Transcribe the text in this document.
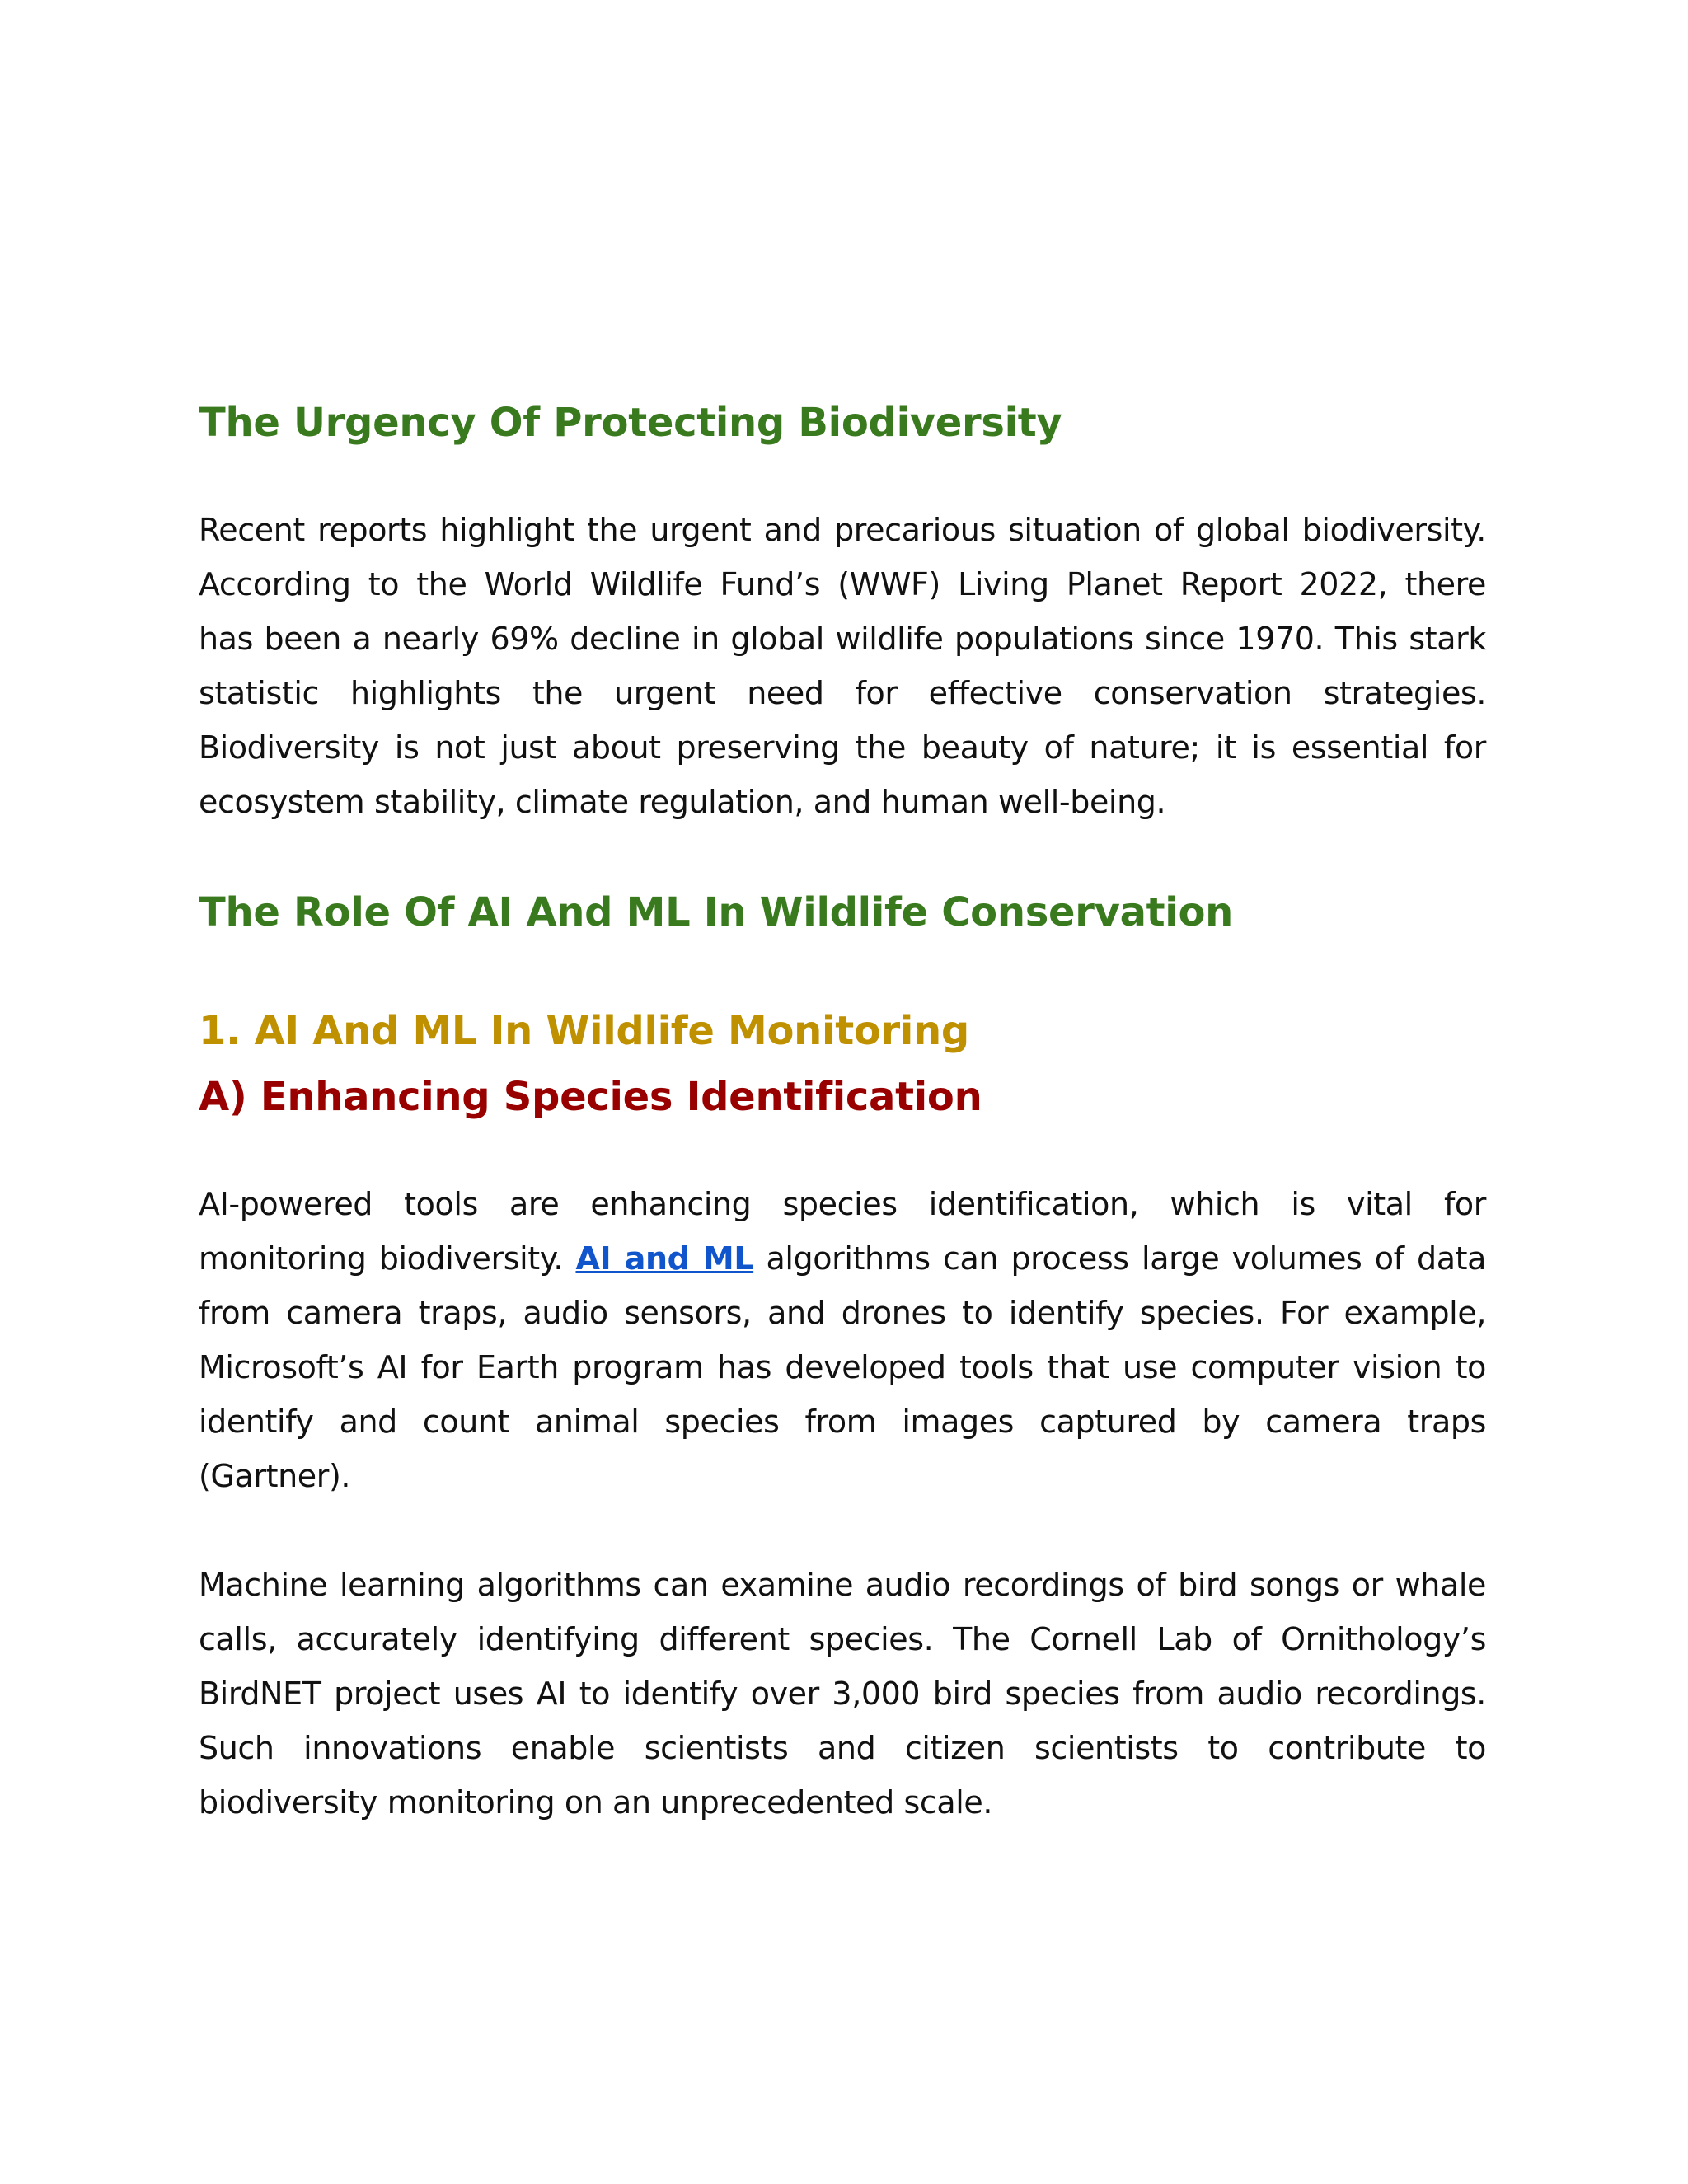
The Urgency Of Protecting Biodiversity

Recent reports highlight the urgent and precarious situation of global biodiversity.
According to the World Wildlife Fund’s (WWF) Living Planet Report 2022, there
has been a nearly 69% decline in global wildlife populations since 1970. This stark
statistic highlights the urgent need for effective conservation strategies.
Biodiversity is not just about preserving the beauty of nature; it is essential for
ecosystem stability, climate regulation, and human well-being.

The Role Of AI And ML In Wildlife Conservation
1. AI And ML In Wildlife Monitoring
A) Enhancing Species Identification

AI-powered tools are enhancing species identification, which is vital for
monitoring biodiversity. AI and ML algorithms can process large volumes of data
from camera traps, audio sensors, and drones to identify species. For example,
Microsoft’s AI for Earth program has developed tools that use computer vision to
identify and count animal species from images captured by camera traps
(Gartner).

Machine learning algorithms can examine audio recordings of bird songs or whale
calls, accurately identifying different species. The Cornell Lab of Ornithology’s
BirdNET project uses AI to identify over 3,000 bird species from audio recordings.
Such innovations enable scientists and citizen scientists to contribute to
biodiversity monitoring on an unprecedented scale.
